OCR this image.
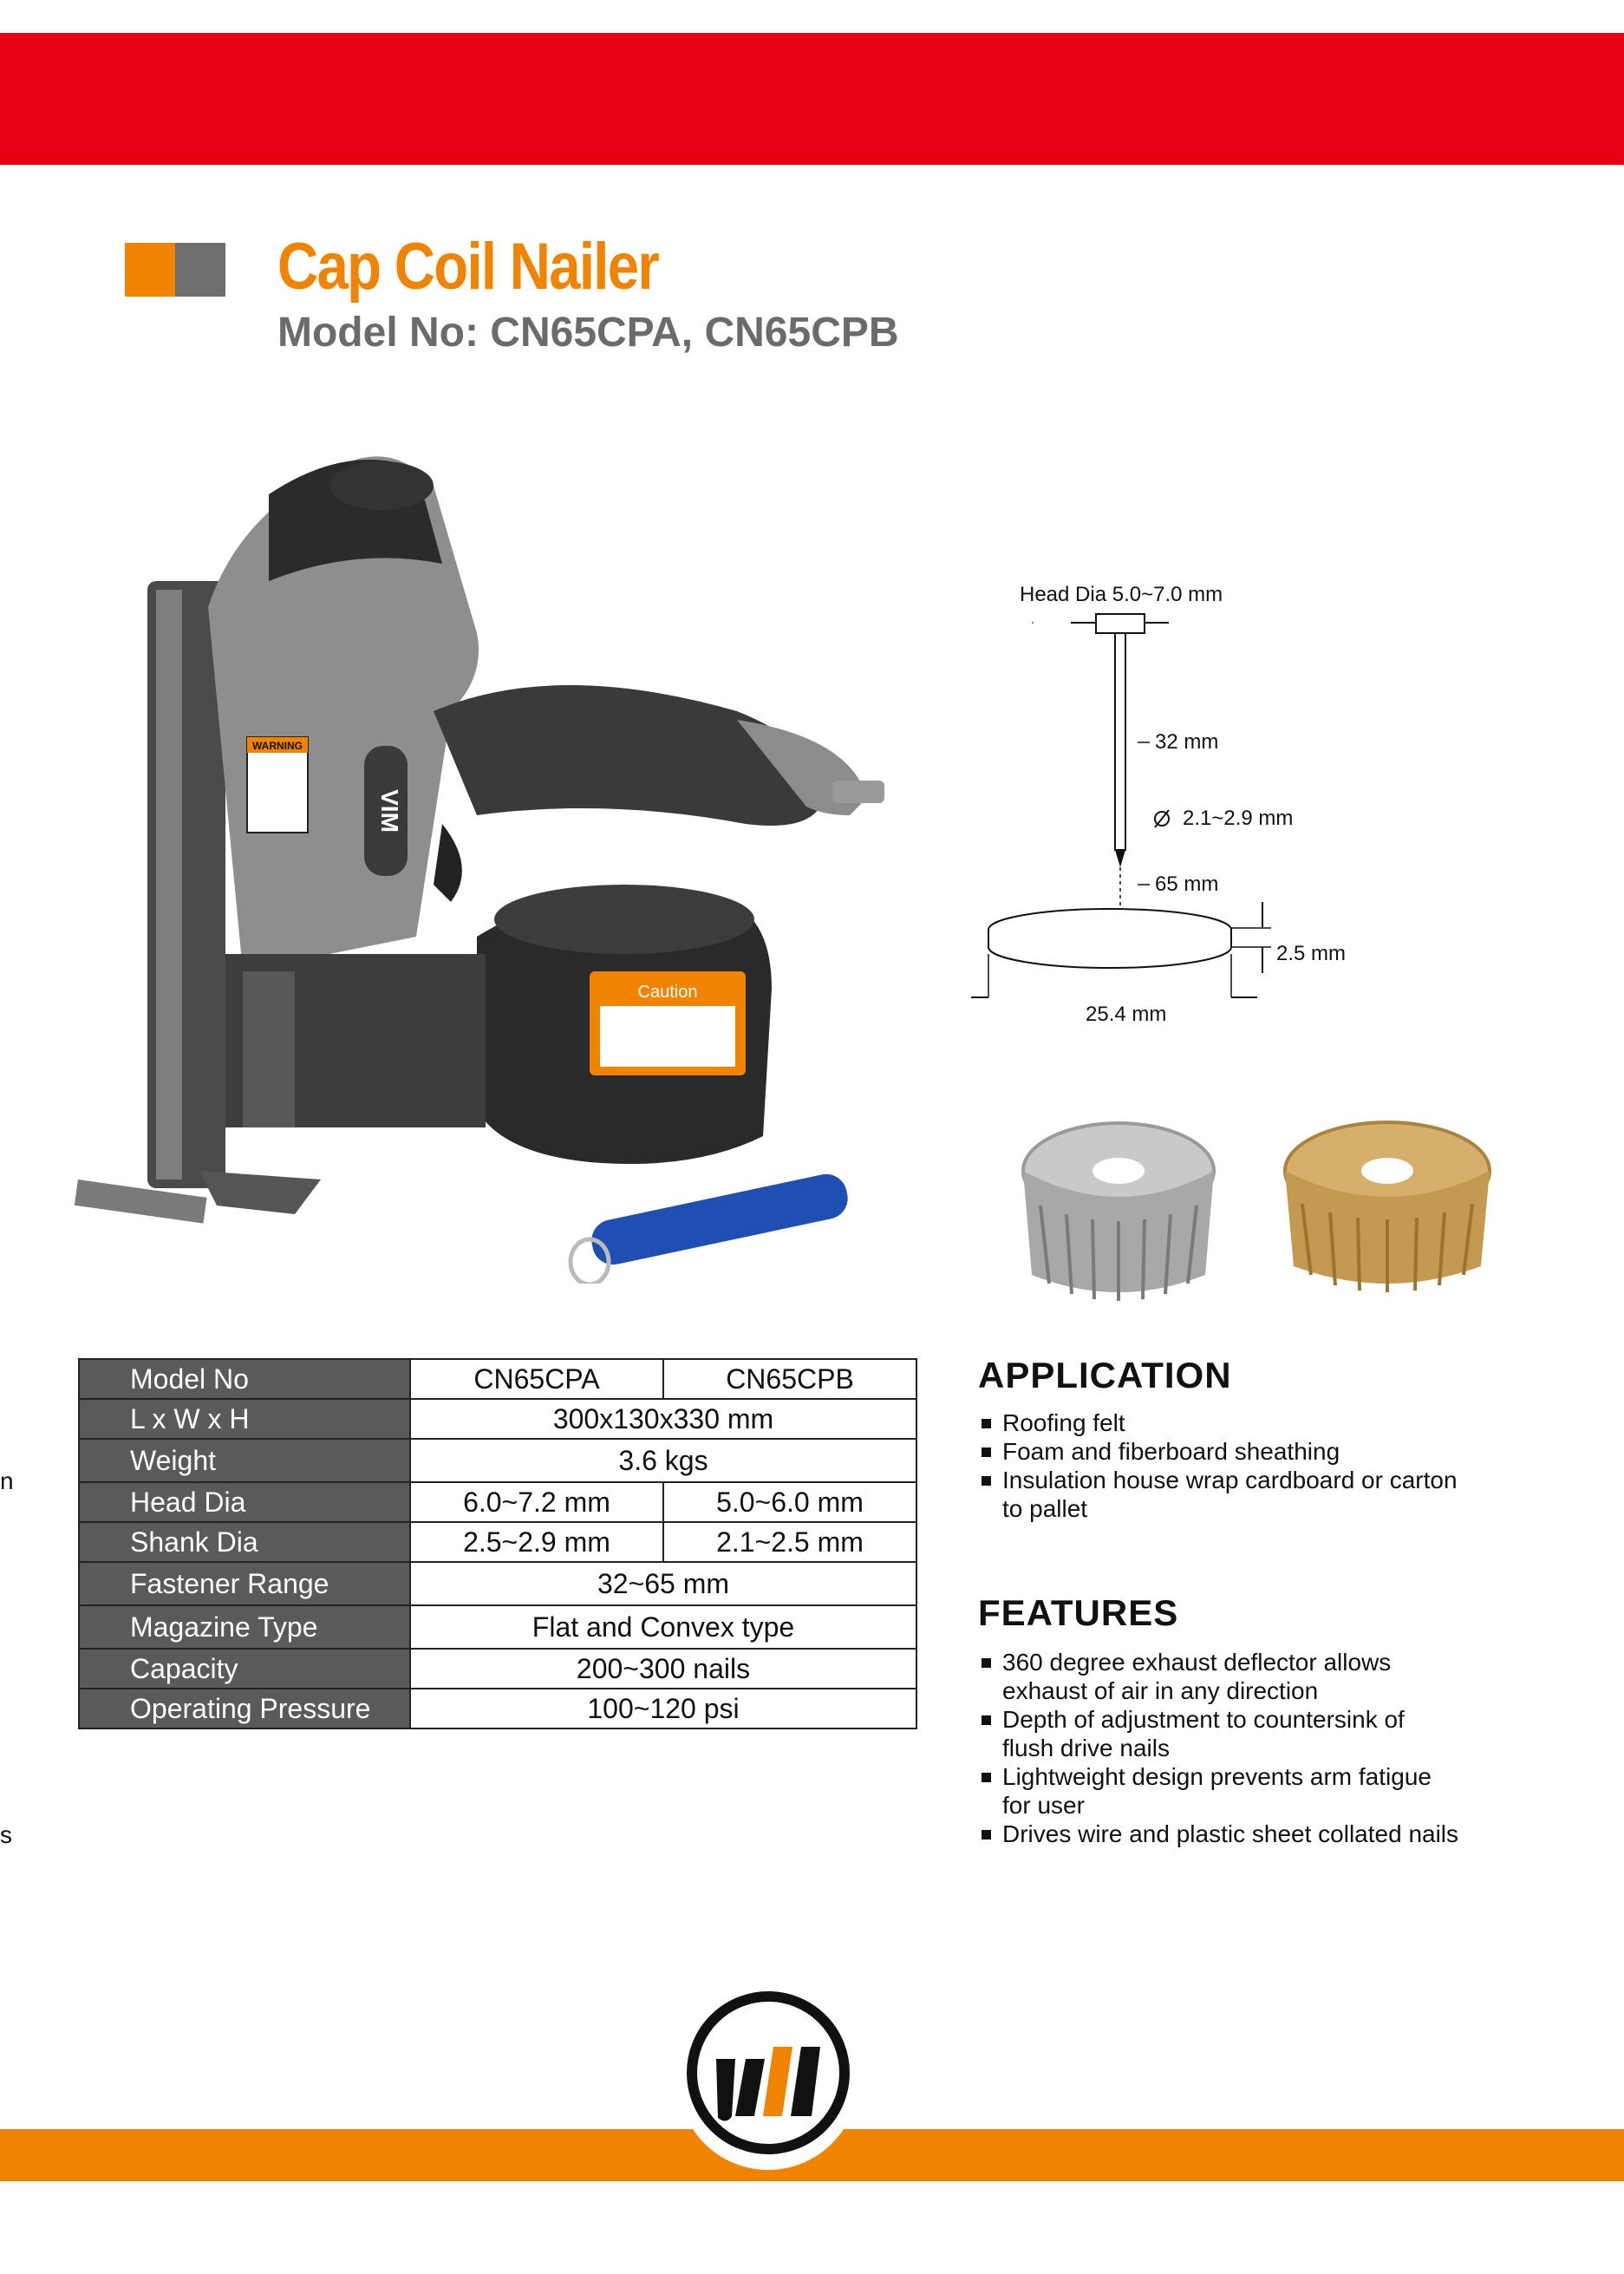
Cap Coil Nailer
Model No: CN65CPA, CN65CPB
Caution
WARNING
VIM
Head Dia 5.0~7.0 mm
32 mm
2.1~2.9 mm
65 mm
2.5 mm
25.4 mm
Model No	CN65CPA	CN65CPB
L x W x H	300x130x330 mm	
Weight	3.6 kgs	
Head Dia	6.0~7.2 mm	5.0~6.0 mm
Shank Dia	2.5~2.9 mm	2.1~2.5 mm
Fastener Range	32~65 mm	
Magazine Type	Flat and Convex type	
Capacity	200~300 nails	
Operating Pressure	100~120 psi	
APPLICATION
Roofing felt
Foam and fiberboard sheathing
Insulation house wrap cardboard or carton
to pallet
FEATURES
360 degree exhaust deflector allows
exhaust of air in any direction
Depth of adjustment to countersink of
flush drive nails
Lightweight design prevents arm fatigue
for user
Drives wire and plastic sheet collated nails
n
s
